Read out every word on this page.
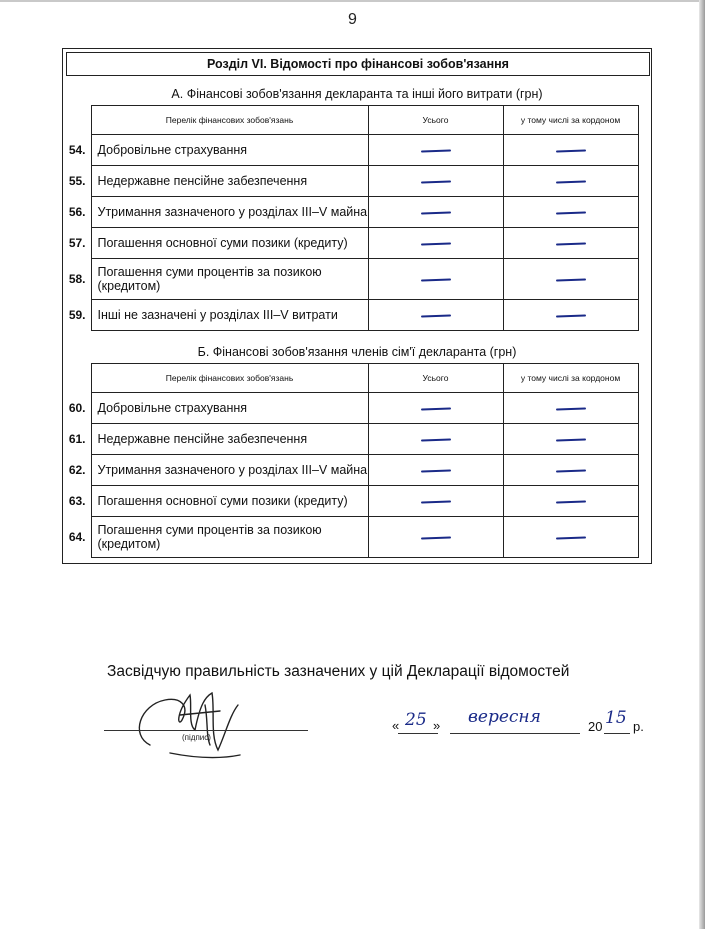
9
Розділ VI. Відомості про фінансові зобов'язання
А. Фінансові зобов'язання декларанта та інші його витрати (грн)
	Перелік фінансових зобов'язань	Усього	у тому числі за кордоном
54.	Добровільне страхування		
55.	Недержавне пенсійне забезпечення		
56.	Утримання зазначеного у розділах III–V майна		
57.	Погашення основної суми позики (кредиту)		
58.	Погашення суми процентів за позикою (кредитом)		
59.	Інші не зазначені у розділах III–V витрати		
Б. Фінансові зобов'язання членів сім'ї декларанта (грн)
	Перелік фінансових зобов'язань	Усього	у тому числі за кордоном
60.	Добровільне страхування		
61.	Недержавне пенсійне забезпечення		
62.	Утримання зазначеного у розділах III–V майна		
63.	Погашення основної суми позики (кредиту)		
64.	Погашення суми процентів за позикою (кредитом)		
Засвідчую правильність зазначених у цій Декларації відомостей
(підпис)
« 25 » вересня	20 15 р.
